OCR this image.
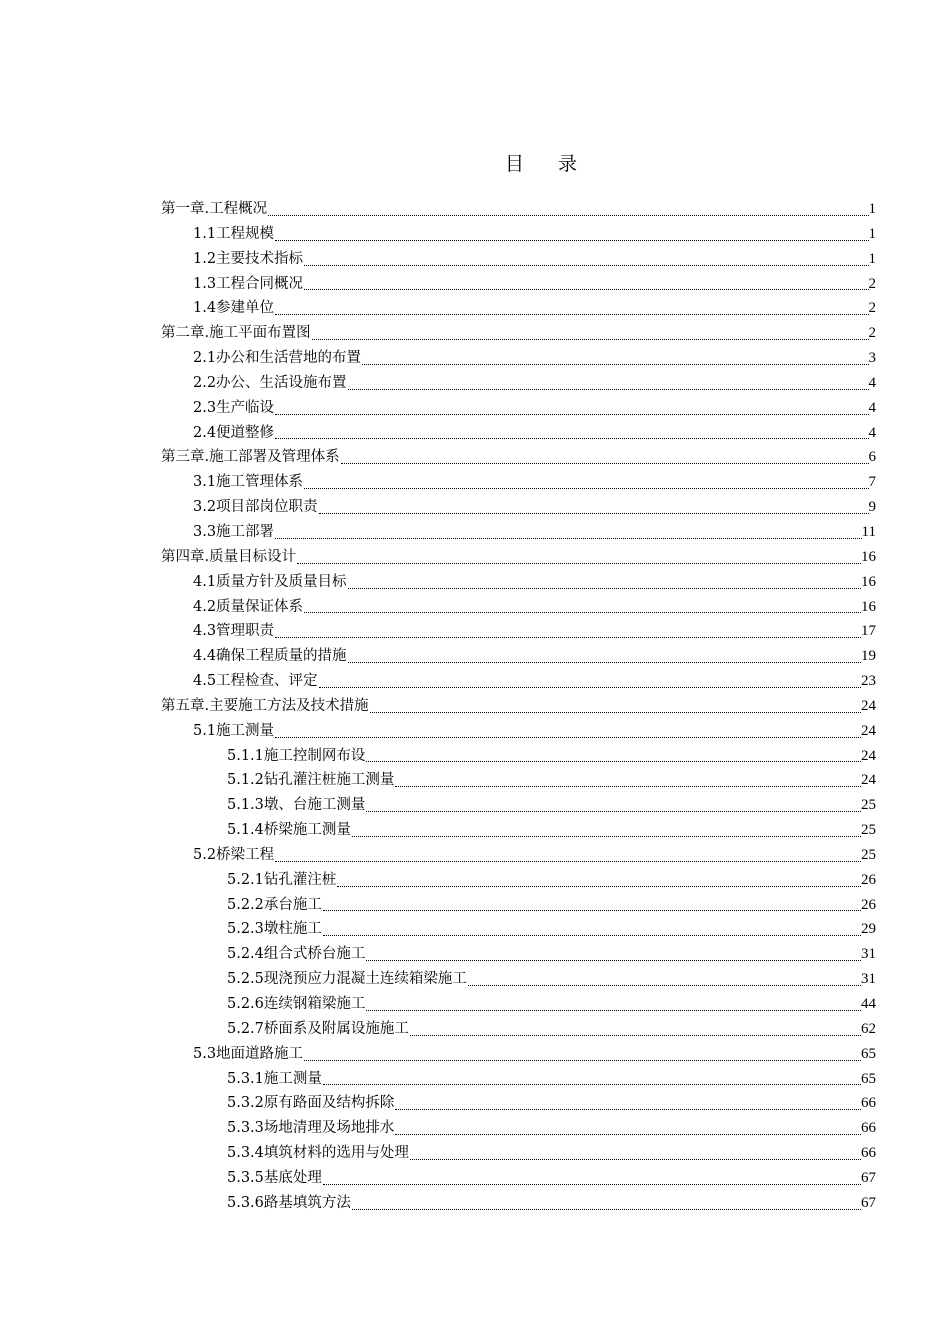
目 录
第一章.工程概况	1
1.1工程规模	1
1.2主要技术指标	1
1.3工程合同概况	2
1.4参建单位	2
第二章.施工平面布置图	2
2.1办公和生活营地的布置	3
2.2办公、生活设施布置	4
2.3生产临设	4
2.4便道整修	4
第三章.施工部署及管理体系	6
3.1施工管理体系	7
3.2项目部岗位职责	9
3.3施工部署	11
第四章.质量目标设计	16
4.1质量方针及质量目标	16
4.2质量保证体系	16
4.3管理职责	17
4.4确保工程质量的措施	19
4.5工程检查、评定	23
第五章.主要施工方法及技术措施	24
5.1施工测量	24
5.1.1施工控制网布设	24
5.1.2钻孔灌注桩施工测量	24
5.1.3墩、台施工测量	25
5.1.4桥梁施工测量	25
5.2桥梁工程	25
5.2.1钻孔灌注桩	26
5.2.2承台施工	26
5.2.3墩柱施工	29
5.2.4组合式桥台施工	31
5.2.5现浇预应力混凝土连续箱梁施工	31
5.2.6连续钢箱梁施工	44
5.2.7桥面系及附属设施施工	62
5.3地面道路施工	65
5.3.1施工测量	65
5.3.2原有路面及结构拆除	66
5.3.3场地清理及场地排水	66
5.3.4填筑材料的选用与处理	66
5.3.5基底处理	67
5.3.6路基填筑方法	67
